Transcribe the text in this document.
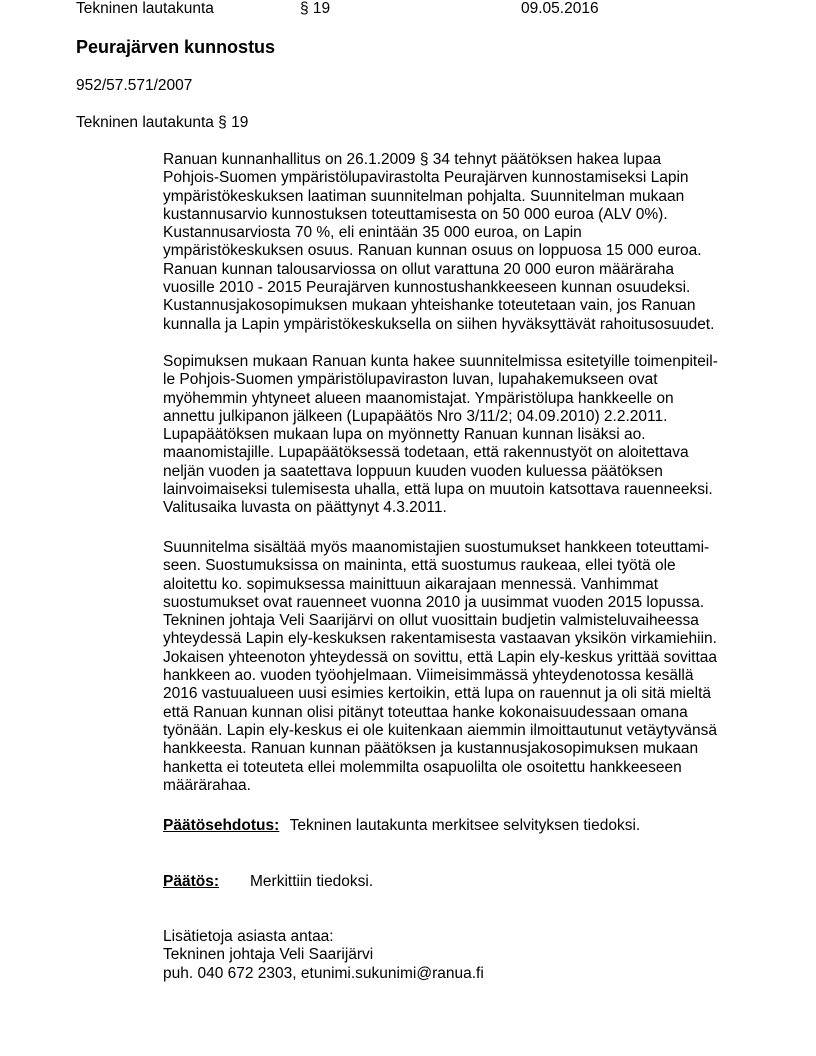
Tekninen lautakunta	§ 19	09.05.2016
Peurajärven kunnostus
952/57.571/2007
Tekninen lautakunta § 19
Ranuan kunnanhallitus on 26.1.2009 § 34 tehnyt päätöksen hakea lupaa
Pohjois-Suomen ympäristölupavirastolta Peurajärven kunnostamiseksi Lapin
ympäristökeskuksen laatiman suunnitelman pohjalta. Suunnitelman mukaan
kustannusarvio kunnostuksen toteuttamisesta on 50 000 euroa (ALV 0%).
Kustannusarviosta 70 %, eli enintään 35 000 euroa, on Lapin
ympäristökeskuksen osuus. Ranuan kunnan osuus on loppuosa 15 000 euroa.
Ranuan kunnan talousarviossa on ollut varattuna 20 000 euron määräraha
vuosille 2010 - 2015 Peurajärven kunnostushankkeeseen kunnan osuudeksi.
Kustannusjakosopimuksen mukaan yhteishanke toteutetaan vain, jos Ranuan
kunnalla ja Lapin ympäristökeskuksella on siihen hyväksyttävät rahoitusosuudet.
Sopimuksen mukaan Ranuan kunta hakee suunnitelmissa esitetyille toimenpiteil-
le Pohjois-Suomen ympäristölupaviraston luvan, lupahakemukseen ovat
myöhemmin yhtyneet alueen maanomistajat. Ympäristölupa hankkeelle on
annettu julkipanon jälkeen (Lupapäätös Nro 3/11/2; 04.09.2010) 2.2.2011.
Lupapäätöksen mukaan lupa on myönnetty Ranuan kunnan lisäksi ao.
maanomistajille. Lupapäätöksessä todetaan, että rakennustyöt on aloitettava
neljän vuoden ja saatettava loppuun kuuden vuoden kuluessa päätöksen
lainvoimaiseksi tulemisesta uhalla, että lupa on muutoin katsottava rauenneeksi.
Valitusaika luvasta on päättynyt 4.3.2011.
Suunnitelma sisältää myös maanomistajien suostumukset hankkeen toteuttami-
seen. Suostumuksissa on maininta, että suostumus raukeaa, ellei työtä ole
aloitettu ko. sopimuksessa mainittuun aikarajaan mennessä. Vanhimmat
suostumukset ovat rauenneet vuonna 2010 ja uusimmat vuoden 2015 lopussa.
Tekninen johtaja Veli Saarijärvi on ollut vuosittain budjetin valmisteluvaiheessa
yhteydessä Lapin ely-keskuksen rakentamisesta vastaavan yksikön virkamiehiin.
Jokaisen yhteenoton yhteydessä on sovittu, että Lapin ely-keskus yrittää sovittaa
hankkeen ao. vuoden työohjelmaan. Viimeisimmässä yhteydenotossa kesällä
2016 vastuualueen uusi esimies kertoikin, että lupa on rauennut ja oli sitä mieltä
että Ranuan kunnan olisi pitänyt toteuttaa hanke kokonaisuudessaan omana
työnään. Lapin ely-keskus ei ole kuitenkaan aiemmin ilmoittautunut vetäytyvänsä
hankkeesta. Ranuan kunnan päätöksen ja kustannusjakosopimuksen mukaan
hanketta ei toteuteta ellei molemmilta osapuolilta ole osoitettu hankkeeseen
määrärahaa.
Päätösehdotus: Tekninen lautakunta merkitsee selvityksen tiedoksi.
Päätös: Merkittiin tiedoksi.
Lisätietoja asiasta antaa:
Tekninen johtaja Veli Saarijärvi
puh. 040 672 2303, etunimi.sukunimi@ranua.fi
